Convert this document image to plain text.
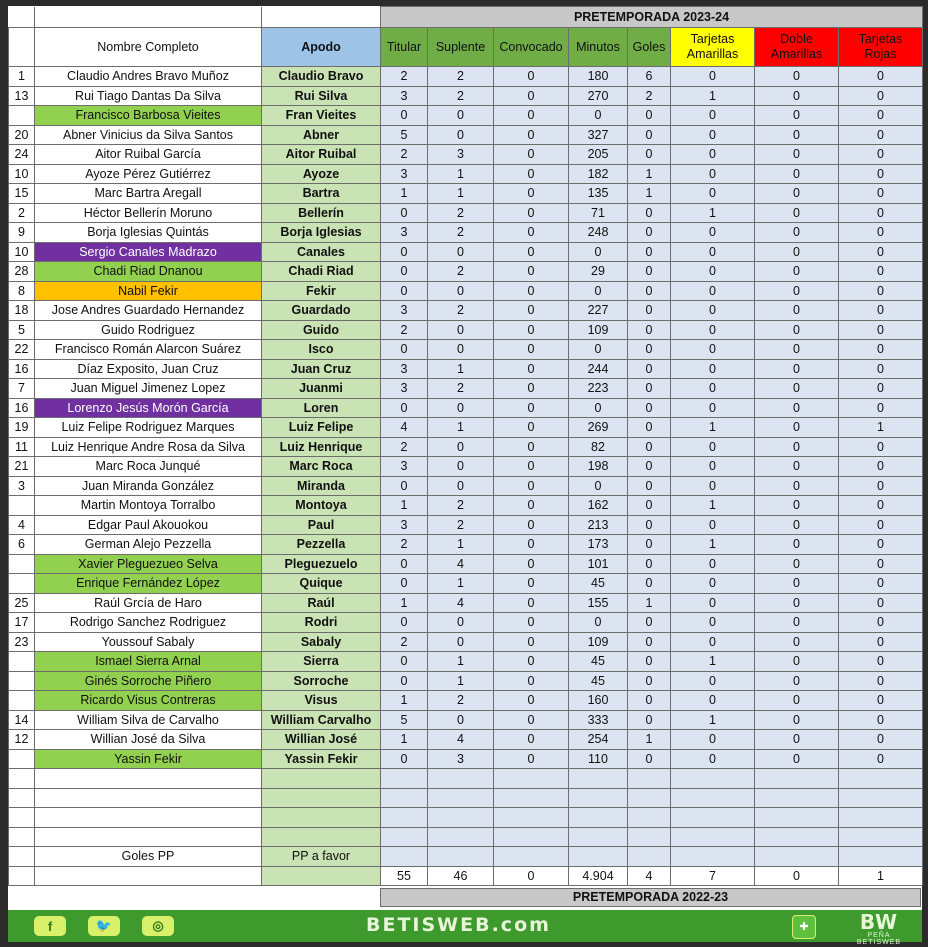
			PRETEMPORADA 2023-24							
	Nombre Completo	Apodo	Titular	Suplente	Convocado	Minutos	Goles	Tarjetas Amarillas	Doble Amarillas	Tarjetas Rojas
1	Claudio Andres Bravo Muñoz	Claudio Bravo	2	2	0	180	6	0	0	0
13	Rui Tiago Dantas Da Silva	Rui Silva	3	2	0	270	2	1	0	0
	Francisco Barbosa Vieites	Fran Vieites	0	0	0	0	0	0	0	0
20	Abner Vinicius da Silva Santos	Abner	5	0	0	327	0	0	0	0
24	Aitor Ruibal García	Aitor Ruibal	2	3	0	205	0	0	0	0
10	Ayoze Pérez Gutiérrez	Ayoze	3	1	0	182	1	0	0	0
15	Marc Bartra Aregall	Bartra	1	1	0	135	1	0	0	0
2	Héctor Bellerín Moruno	Bellerín	0	2	0	71	0	1	0	0
9	Borja Iglesias Quintás	Borja Iglesias	3	2	0	248	0	0	0	0
10	Sergio Canales Madrazo	Canales	0	0	0	0	0	0	0	0
28	Chadi Riad Dnanou	Chadi Riad	0	2	0	29	0	0	0	0
8	Nabil Fekir	Fekir	0	0	0	0	0	0	0	0
18	Jose Andres Guardado Hernandez	Guardado	3	2	0	227	0	0	0	0
5	Guido Rodriguez	Guido	2	0	0	109	0	0	0	0
22	Francisco Román Alarcon Suárez	Isco	0	0	0	0	0	0	0	0
16	Díaz Exposito, Juan Cruz	Juan Cruz	3	1	0	244	0	0	0	0
7	Juan Miguel Jimenez Lopez	Juanmi	3	2	0	223	0	0	0	0
16	Lorenzo Jesús Morón García	Loren	0	0	0	0	0	0	0	0
19	Luiz Felipe Rodriguez Marques	Luiz Felipe	4	1	0	269	0	1	0	1
11	Luiz Henrique Andre Rosa da Silva	Luiz Henrique	2	0	0	82	0	0	0	0
21	Marc Roca Junqué	Marc Roca	3	0	0	198	0	0	0	0
3	Juan Miranda González	Miranda	0	0	0	0	0	0	0	0
	Martin Montoya Torralbo	Montoya	1	2	0	162	0	1	0	0
4	Edgar Paul Akouokou	Paul	3	2	0	213	0	0	0	0
6	German Alejo Pezzella	Pezzella	2	1	0	173	0	1	0	0
	Xavier Pleguezueo Selva	Pleguezuelo	0	4	0	101	0	0	0	0
	Enrique Fernández López	Quique	0	1	0	45	0	0	0	0
25	Raúl Grcía de Haro	Raúl	1	4	0	155	1	0	0	0
17	Rodrigo Sanchez Rodriguez	Rodri	0	0	0	0	0	0	0	0
23	Youssouf Sabaly	Sabaly	2	0	0	109	0	0	0	0
	Ismael Sierra Arnal	Sierra	0	1	0	45	0	1	0	0
	Ginés Sorroche Piñero	Sorroche	0	1	0	45	0	0	0	0
	Ricardo Visus Contreras	Visus	1	2	0	160	0	0	0	0
14	William Silva de Carvalho	William Carvalho	5	0	0	333	0	1	0	0
12	Willian José da Silva	Willian José	1	4	0	254	1	0	0	0
	Yassin Fekir	Yassin Fekir	0	3	0	110	0	0	0	0

	Goles PP	PP a favor								
			55	46	0	4.904	4	7	0	1
PRETEMPORADA 2022-23
f	🐦	◎	BETISWEB.com	✚	BW
PEÑA BETISWEB
